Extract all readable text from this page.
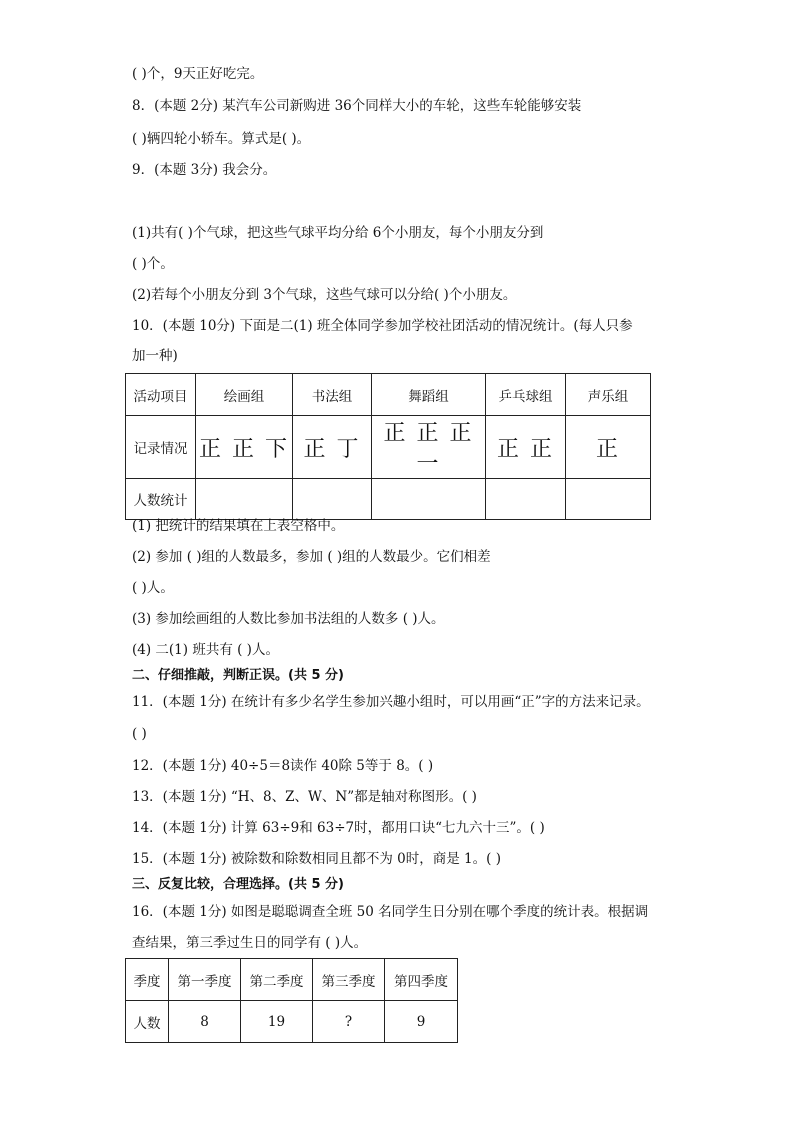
( )个，9天正好吃完。
8．(本题 2分) 某汽车公司新购进 36个同样大小的车轮，这些车轮能够安装
( )辆四轮小轿车。算式是( )。
9．(本题 3分) 我会分。
(1)共有( )个气球，把这些气球平均分给 6个小朋友，每个小朋友分到
( )个。
(2)若每个小朋友分到 3个气球，这些气球可以分给( )个小朋友。
10．(本题 10分) 下面是二(1) 班全体同学参加学校社团活动的情况统计。(每人只参
加一种)
活动项目	绘画组	书法组	舞蹈组	乒乓球组	声乐组
记录情况	正 正 下	正 丁	正 正 正 一	正 正	正
人数统计					
(1) 把统计的结果填在上表空格中。
(2) 参加 ( )组的人数最多，参加 ( )组的人数最少。它们相差
( )人。
(3) 参加绘画组的人数比参加书法组的人数多 ( )人。
(4) 二(1) 班共有 ( )人。
二、仔细推敲，判断正误。(共 5 分)
11．(本题 1分) 在统计有多少名学生参加兴趣小组时，可以用画“正”字的方法来记录。
( )
12．(本题 1分) 40÷5＝8读作 40除 5等于 8。( )
13．(本题 1分) “H、8、Z、W、N”都是轴对称图形。( )
14．(本题 1分) 计算 63÷9和 63÷7时，都用口诀“七九六十三”。( )
15．(本题 1分) 被除数和除数相同且都不为 0时，商是 1。( )
三、反复比较，合理选择。(共 5 分)
16．(本题 1分) 如图是聪聪调查全班 50 名同学生日分别在哪个季度的统计表。根据调
查结果，第三季过生日的同学有 ( )人。
季度	第一季度	第二季度	第三季度	第四季度
人数	8	19	?	9
